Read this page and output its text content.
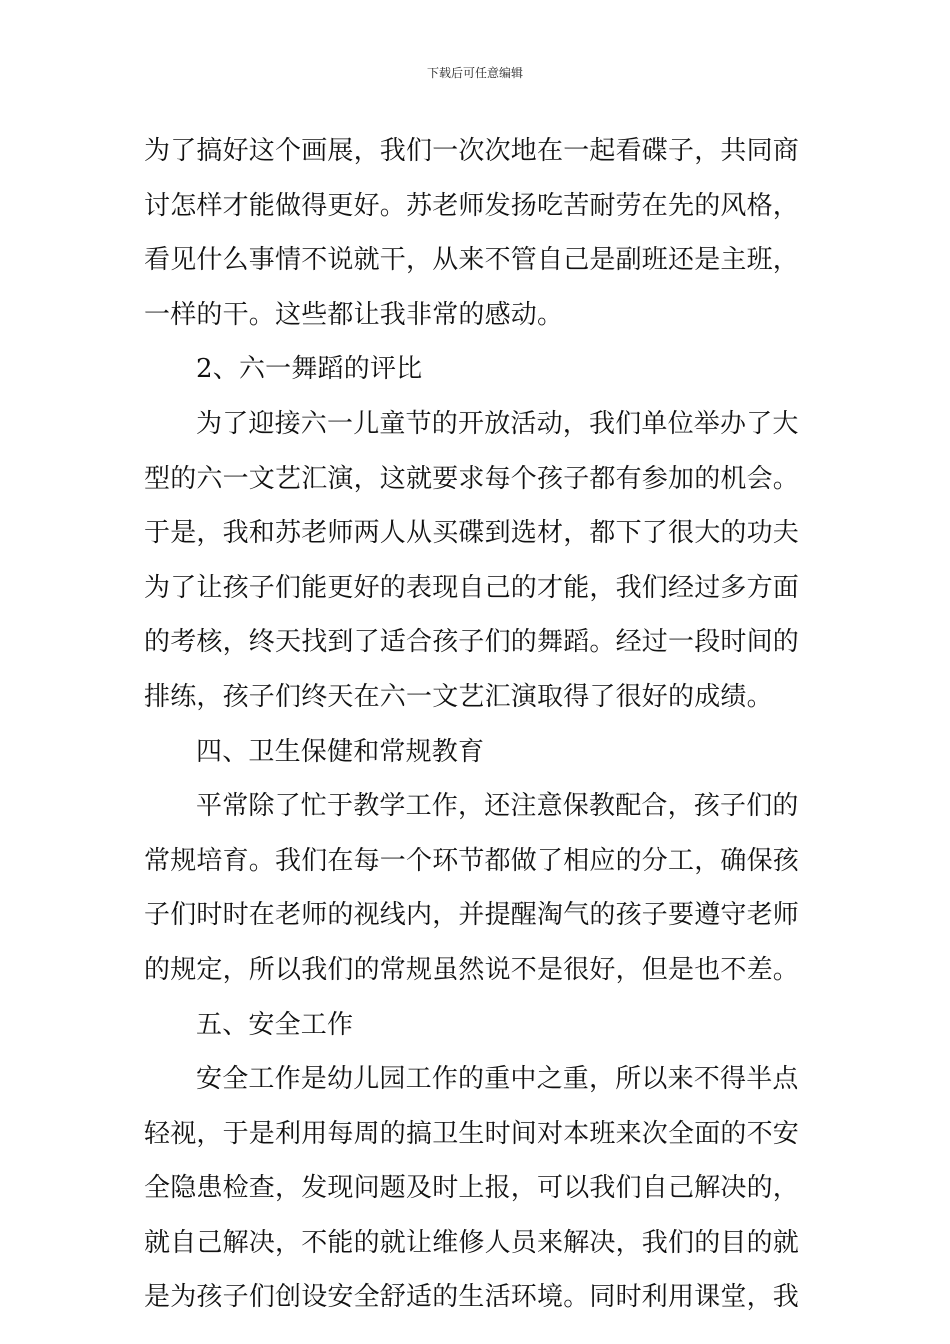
下载后可任意编辑
为了搞好这个画展，我们一次次地在一起看碟子，共同商
讨怎样才能做得更好。苏老师发扬吃苦耐劳在先的风格，
看见什么事情不说就干，从来不管自己是副班还是主班，
一样的干。这些都让我非常的感动。
2、六一舞蹈的评比
为了迎接六一儿童节的开放活动，我们单位举办了大
型的六一文艺汇演，这就要求每个孩子都有参加的机会。
于是，我和苏老师两人从买碟到选材，都下了很大的功夫
为了让孩子们能更好的表现自己的才能，我们经过多方面
的考核，终天找到了适合孩子们的舞蹈。经过一段时间的
排练，孩子们终天在六一文艺汇演取得了很好的成绩。
四、卫生保健和常规教育
平常除了忙于教学工作，还注意保教配合，孩子们的
常规培育。我们在每一个环节都做了相应的分工，确保孩
子们时时在老师的视线内，并提醒淘气的孩子要遵守老师
的规定，所以我们的常规虽然说不是很好，但是也不差。
五、安全工作
安全工作是幼儿园工作的重中之重，所以来不得半点
轻视，于是利用每周的搞卫生时间对本班来次全面的不安
全隐患检查，发现问题及时上报，可以我们自己解决的，
就自己解决，不能的就让维修人员来解决，我们的目的就
是为孩子们创设安全舒适的生活环境。同时利用课堂，我
